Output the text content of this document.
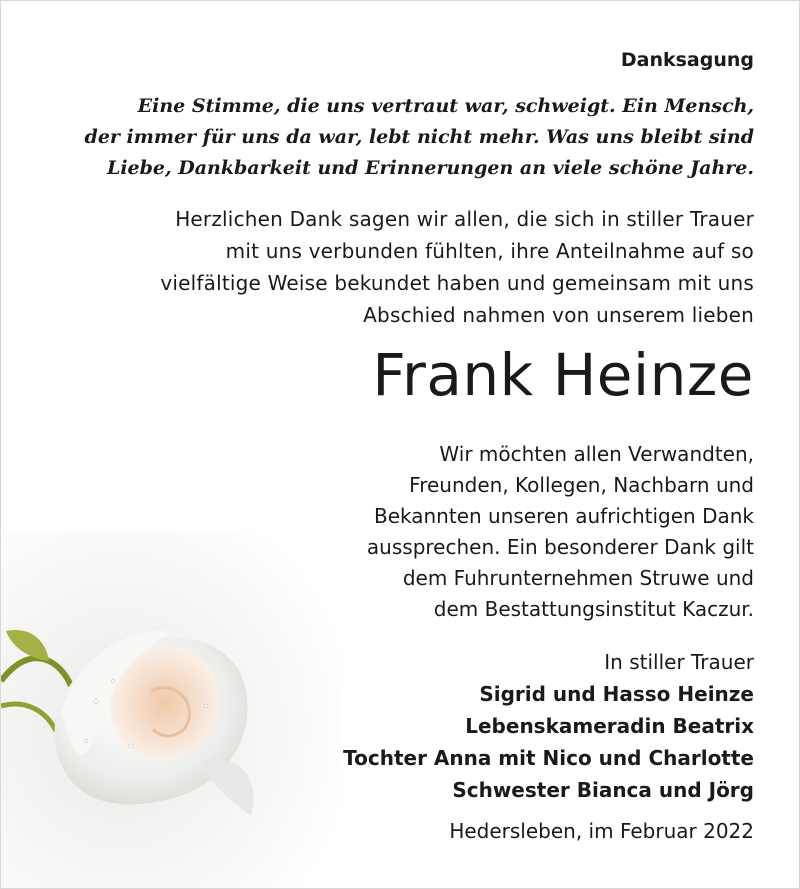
Danksagung
Eine Stimme, die uns vertraut war, schweigt. Ein Mensch,
der immer für uns da war, lebt nicht mehr. Was uns bleibt sind
Liebe, Dankbarkeit und Erinnerungen an viele schöne Jahre.
Herzlichen Dank sagen wir allen, die sich in stiller Trauer
mit uns verbunden fühlten, ihre Anteilnahme auf so
vielfältige Weise bekundet haben und gemeinsam mit uns
Abschied nahmen von unserem lieben
Frank Heinze
Wir möchten allen Verwandten,
Freunden, Kollegen, Nachbarn und
Bekannten unseren aufrichtigen Dank
aussprechen. Ein besonderer Dank gilt
dem Fuhrunternehmen Struwe und
dem Bestattungsinstitut Kaczur.
In stiller Trauer
Sigrid und Hasso Heinze
Lebenskameradin Beatrix
Tochter Anna mit Nico und Charlotte
Schwester Bianca und Jörg
Hedersleben, im Februar 2022
